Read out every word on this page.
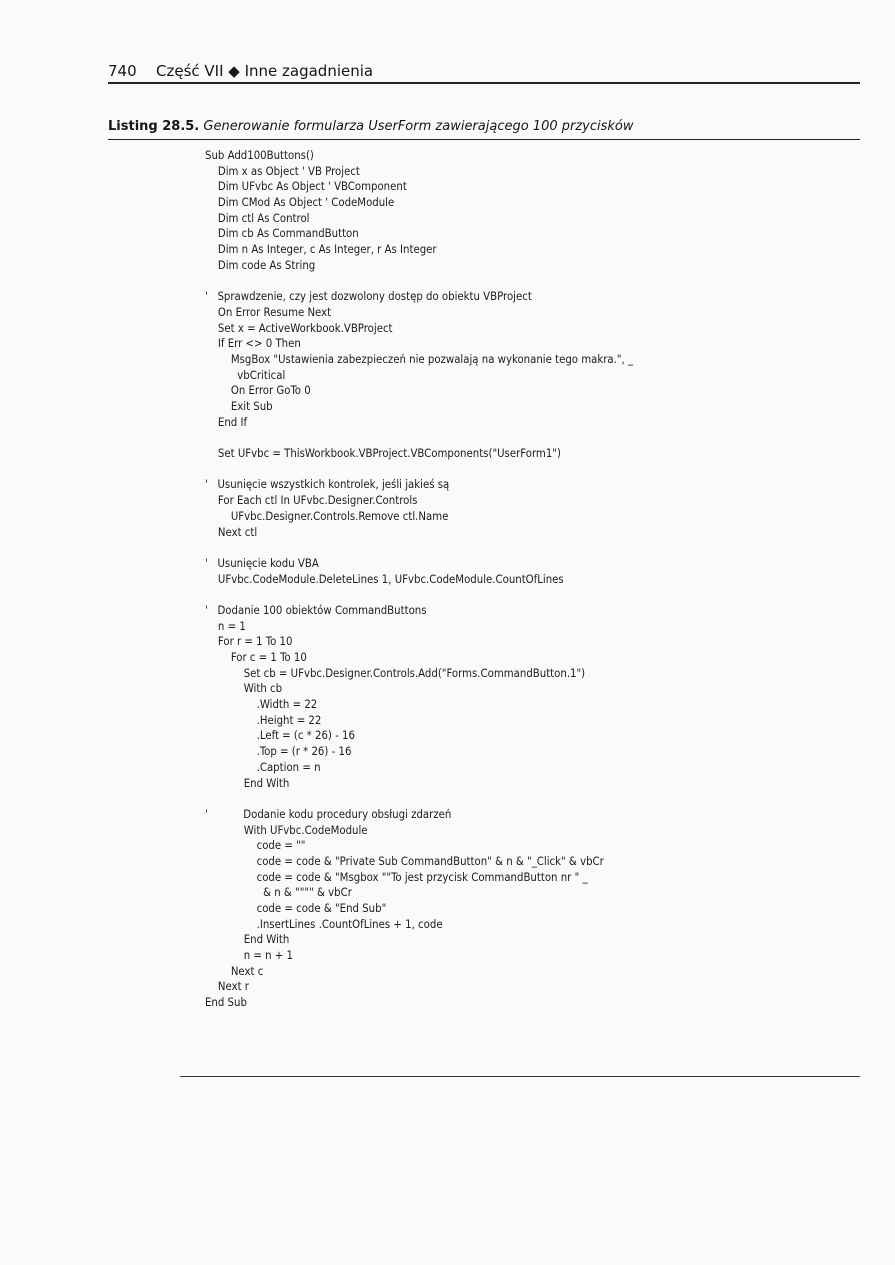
740 Część VII ◆ Inne zagadnienia
Listing 28.5. Generowanie formularza UserForm zawierającego 100 przycisków
Sub Add100Buttons()
Dim x as Object ' VB Project
Dim UFvbc As Object ' VBComponent
Dim CMod As Object ' CodeModule
Dim ctl As Control
Dim cb As CommandButton
Dim n As Integer, c As Integer, r As Integer
Dim code As String

'   Sprawdzenie, czy jest dozwolony dostęp do obiektu VBProject
On Error Resume Next
Set x = ActiveWorkbook.VBProject
If Err <> 0 Then
MsgBox "Ustawienia zabezpieczeń nie pozwalają na wykonanie tego makra.", _
vbCritical
On Error GoTo 0
Exit Sub
End If

Set UFvbc = ThisWorkbook.VBProject.VBComponents("UserForm1")

'   Usunięcie wszystkich kontrolek, jeśli jakieś są
For Each ctl In UFvbc.Designer.Controls
UFvbc.Designer.Controls.Remove ctl.Name
Next ctl

'   Usunięcie kodu VBA
UFvbc.CodeModule.DeleteLines 1, UFvbc.CodeModule.CountOfLines

'   Dodanie 100 obiektów CommandButtons
n = 1
For r = 1 To 10
For c = 1 To 10
Set cb = UFvbc.Designer.Controls.Add("Forms.CommandButton.1")
With cb
.Width = 22
.Height = 22
.Left = (c * 26) - 16
.Top = (r * 26) - 16
.Caption = n
End With

'           Dodanie kodu procedury obsługi zdarzeń
With UFvbc.CodeModule
code = ""
code = code & "Private Sub CommandButton" & n & "_Click" & vbCr
code = code & "Msgbox ""To jest przycisk CommandButton nr " _
& n & """" & vbCr
code = code & "End Sub"
.InsertLines .CountOfLines + 1, code
End With
n = n + 1
Next c
Next r
End Sub
